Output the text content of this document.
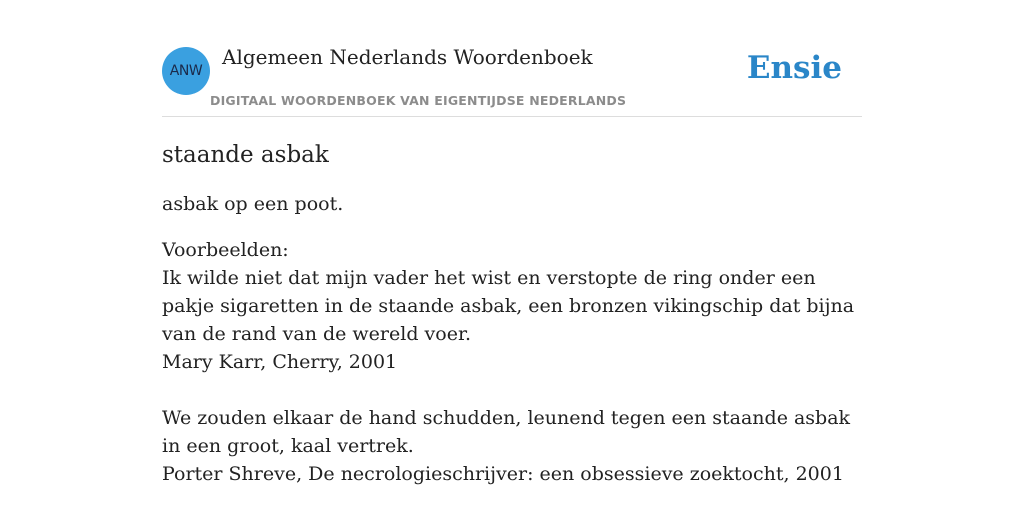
ANW
Algemeen Nederlands Woordenboek
DIGITAAL WOORDENBOEK VAN EIGENTIJDSE NEDERLANDS
Ensie
staande asbak

asbak op een poot.

Voorbeelden:
Ik wilde niet dat mijn vader het wist en verstopte de ring onder een pakje sigaretten in de staande asbak, een bronzen vikingschip dat bijna van de rand van de wereld voer.
Mary Karr, Cherry, 2001
We zouden elkaar de hand schudden, leunend tegen een staande asbak in een groot, kaal vertrek.
Porter Shreve, De necrologieschrijver: een obsessieve zoektocht, 2001
